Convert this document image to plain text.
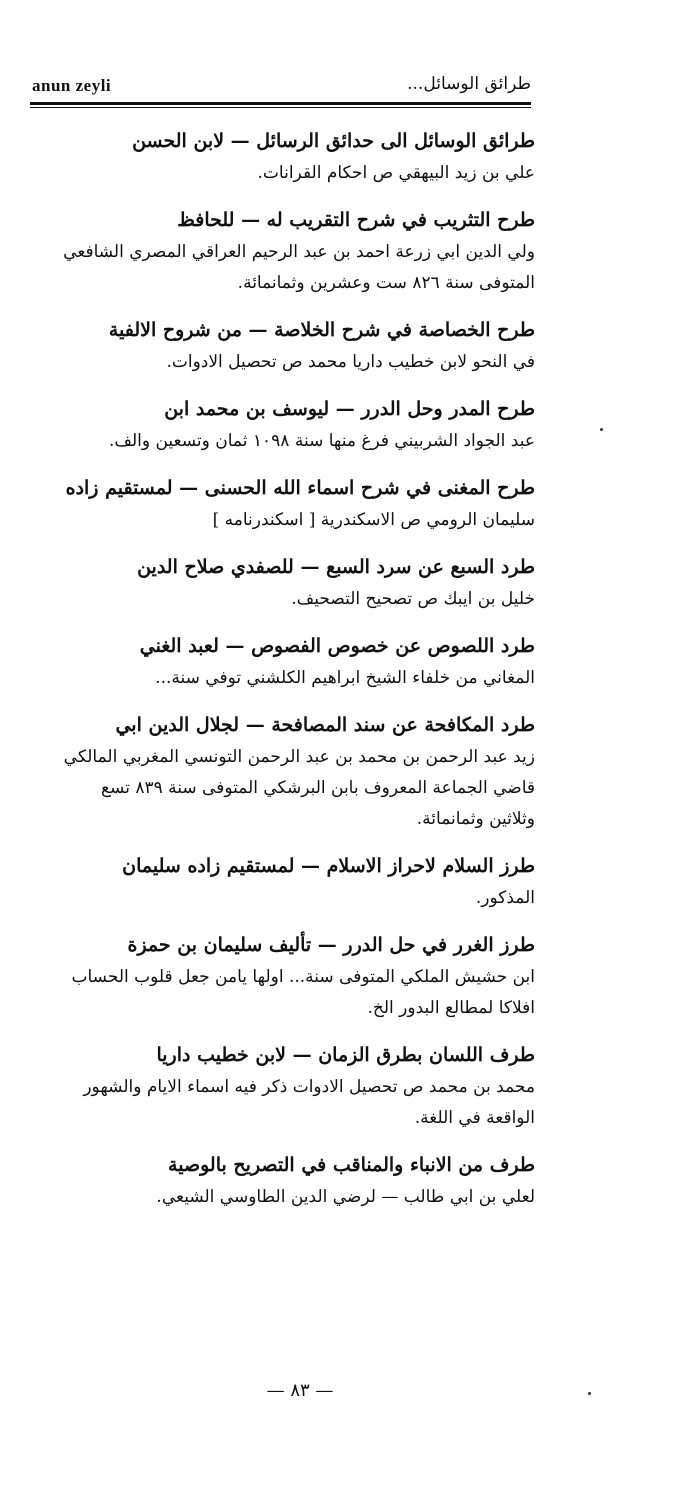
anun zeyli	طرائق الوسائل...
طرائق الوسائل الى حدائق الرسائل — لابن الحسن
علي بن زيد البيهقي ص احكام القرانات.
طرح التثريب في شرح التقريب له — للحافظ
ولي الدين ابي زرعة احمد بن عبد الرحيم العراقي المصري الشافعي
المتوفى سنة ٨٢٦ ست وعشرين وثمانمائة.
طرح الخصاصة في شرح الخلاصة — من شروح الالفية
في النحو لابن خطيب داريا محمد ص تحصيل الادوات.
طرح المدر وحل الدرر — ليوسف بن محمد ابن
عبد الجواد الشربيني فرغ منها سنة ١٠٩٨ ثمان وتسعين والف.
طرح المغنى في شرح اسماء الله الحسنى — لمستقيم زاده
سليمان الرومي ص الاسكندرية [ اسكندرنامه ]
طرد السبع عن سرد السبع — للصفدي صلاح الدين
خليل بن ايبك ص تصحيح التصحيف.
طرد اللصوص عن خصوص الفصوص — لعبد الغني
المغاني من خلفاء الشيخ ابراهيم الكلشني توفي سنة...
طرد المكافحة عن سند المصافحة — لجلال الدين ابي
زيد عبد الرحمن بن محمد بن عبد الرحمن التونسي المغربي المالكي
قاضي الجماعة المعروف بابن البرشكي المتوفى سنة ٨٣٩ تسع
وثلاثين وثمانمائة.
طرز السلام لاحراز الاسلام — لمستقيم زاده سليمان
المذكور.
طرز الغرر في حل الدرر — تأليف سليمان بن حمزة
ابن حشيش الملكي المتوفى سنة... اولها يامن جعل قلوب الحساب
افلاكا لمطالع البدور الخ.
طرف اللسان بطرق الزمان — لابن خطيب داريا
محمد بن محمد ص تحصيل الادوات ذكر فيه اسماء الايام والشهور
الواقعة في اللغة.
طرف من الانباء والمناقب في التصريح بالوصية
لعلي بن ابي طالب — لرضي الدين الطاوسي الشيعي.
— ٨٣ —
